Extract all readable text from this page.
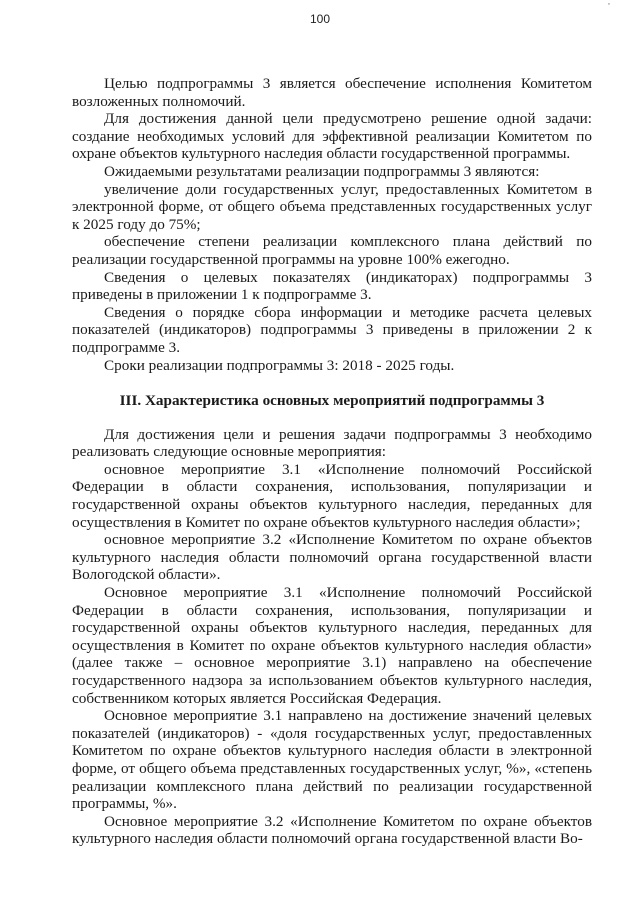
100
,

Целью подпрограммы 3 является обеспечение исполнения Комитетом возложенных полномочий.

Для достижения данной цели предусмотрено решение одной задачи: создание необходимых условий для эффективной реализации Комитетом по охране объектов культурного наследия области государственной программы.

Ожидаемыми результатами реализации подпрограммы 3 являются:

увеличение доли государственных услуг, предоставленных Комитетом в электронной форме, от общего объема представленных государственных услуг к 2025 году до 75%;

обеспечение степени реализации комплексного плана действий по реализации государственной программы на уровне 100% ежегодно.

Сведения о целевых показателях (индикаторах) подпрограммы 3 приведены в приложении 1 к подпрограмме 3.

Сведения о порядке сбора информации и методике расчета целевых показателей (индикаторов) подпрограммы 3 приведены в приложении 2 к подпрограмме 3.

Сроки реализации подпрограммы 3: 2018 - 2025 годы.

III. Характеристика основных мероприятий подпрограммы 3

Для достижения цели и решения задачи подпрограммы 3 необходимо реализовать следующие основные мероприятия:

основное мероприятие 3.1 «Исполнение полномочий Российской Федерации в области сохранения, использования, популяризации и государственной охраны объектов культурного наследия, переданных для осуществления в Комитет по охране объектов культурного наследия области»;

основное мероприятие 3.2 «Исполнение Комитетом по охране объектов культурного наследия области полномочий органа государственной власти Вологодской области».

Основное мероприятие 3.1 «Исполнение полномочий Российской Федерации в области сохранения, использования, популяризации и государственной охраны объектов культурного наследия, переданных для осуществления в Комитет по охране объектов культурного наследия области» (далее также – основное мероприятие 3.1) направлено на обеспечение государственного надзора за использованием объектов культурного наследия, собственником которых является Российская Федерация.

Основное мероприятие 3.1 направлено на достижение значений целевых показателей (индикаторов) - «доля государственных услуг, предоставленных Комитетом по охране объектов культурного наследия области в электронной форме, от общего объема представленных государственных услуг, %», «степень реализации комплексного плана действий по реализации государственной программы, %».

Основное мероприятие 3.2 «Исполнение Комитетом по охране объектов культурного наследия области полномочий органа государственной власти Во-
